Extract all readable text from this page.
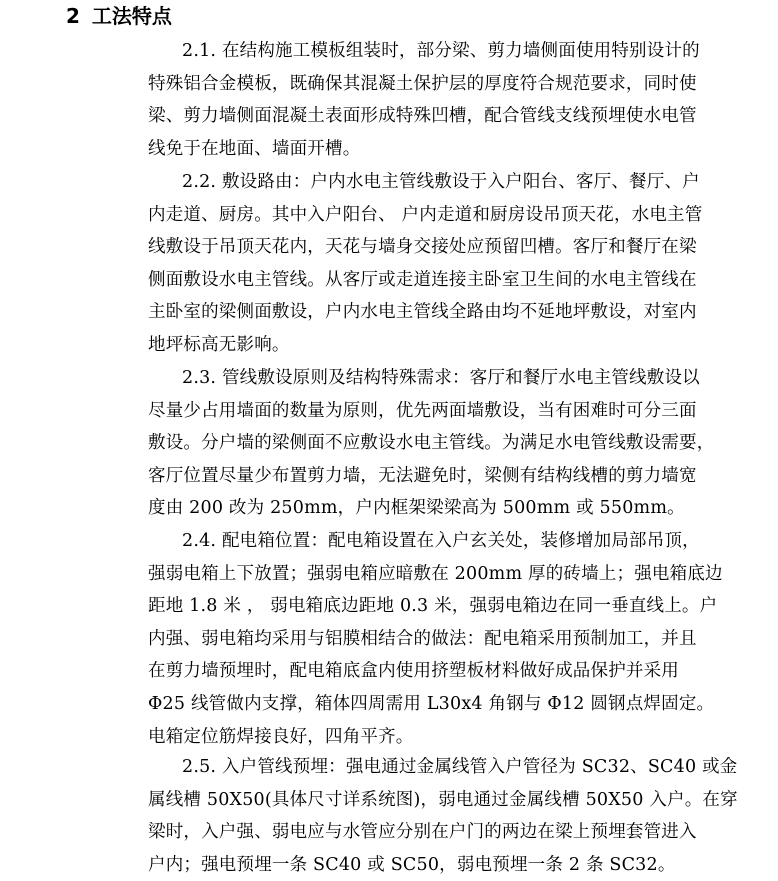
2 工法特点
2.1. 在结构施工模板组装时，部分梁、剪力墙侧面使用特别设计的
特殊铝合金模板，既确保其混凝土保护层的厚度符合规范要求，同时使
梁、剪力墙侧面混凝土表面形成特殊凹槽，配合管线支线预埋使水电管
线免于在地面、墙面开槽。
2.2. 敷设路由：户内水电主管线敷设于入户阳台、客厅、餐厅、户
内走道、厨房。其中入户阳台、 户内走道和厨房设吊顶天花，水电主管
线敷设于吊顶天花内，天花与墙身交接处应预留凹槽。客厅和餐厅在梁
侧面敷设水电主管线。从客厅或走道连接主卧室卫生间的水电主管线在
主卧室的梁侧面敷设，户内水电主管线全路由均不延地坪敷设，对室内
地坪标高无影响。
2.3. 管线敷设原则及结构特殊需求：客厅和餐厅水电主管线敷设以
尽量少占用墙面的数量为原则，优先两面墙敷设，当有困难时可分三面
敷设。分户墙的梁侧面不应敷设水电主管线。为满足水电管线敷设需要，
客厅位置尽量少布置剪力墙，无法避免时，梁侧有结构线槽的剪力墙宽
度由 200 改为 250mm，户内框架梁梁高为 500mm 或 550mm。
2.4. 配电箱位置：配电箱设置在入户玄关处，装修增加局部吊顶，
强弱电箱上下放置；强弱电箱应暗敷在 200mm 厚的砖墙上；强电箱底边
距地 1.8 米 ， 弱电箱底边距地 0.3 米，强弱电箱边在同一垂直线上。户
内强、弱电箱均采用与铝膜相结合的做法：配电箱采用预制加工，并且
在剪力墙预埋时，配电箱底盒内使用挤塑板材料做好成品保护并采用
Φ25 线管做内支撑，箱体四周需用 L30x4 角钢与 Φ12 圆钢点焊固定。
电箱定位筋焊接良好，四角平齐。
2.5. 入户管线预埋：强电通过金属线管入户管径为 SC32、SC40 或金
属线槽 50X50(具体尺寸详系统图)，弱电通过金属线槽 50X50 入户。在穿
梁时，入户强、弱电应与水管应分别在户门的两边在梁上预埋套管进入
户内；强电预埋一条 SC40 或 SC50，弱电预埋一条 2 条 SC32。
